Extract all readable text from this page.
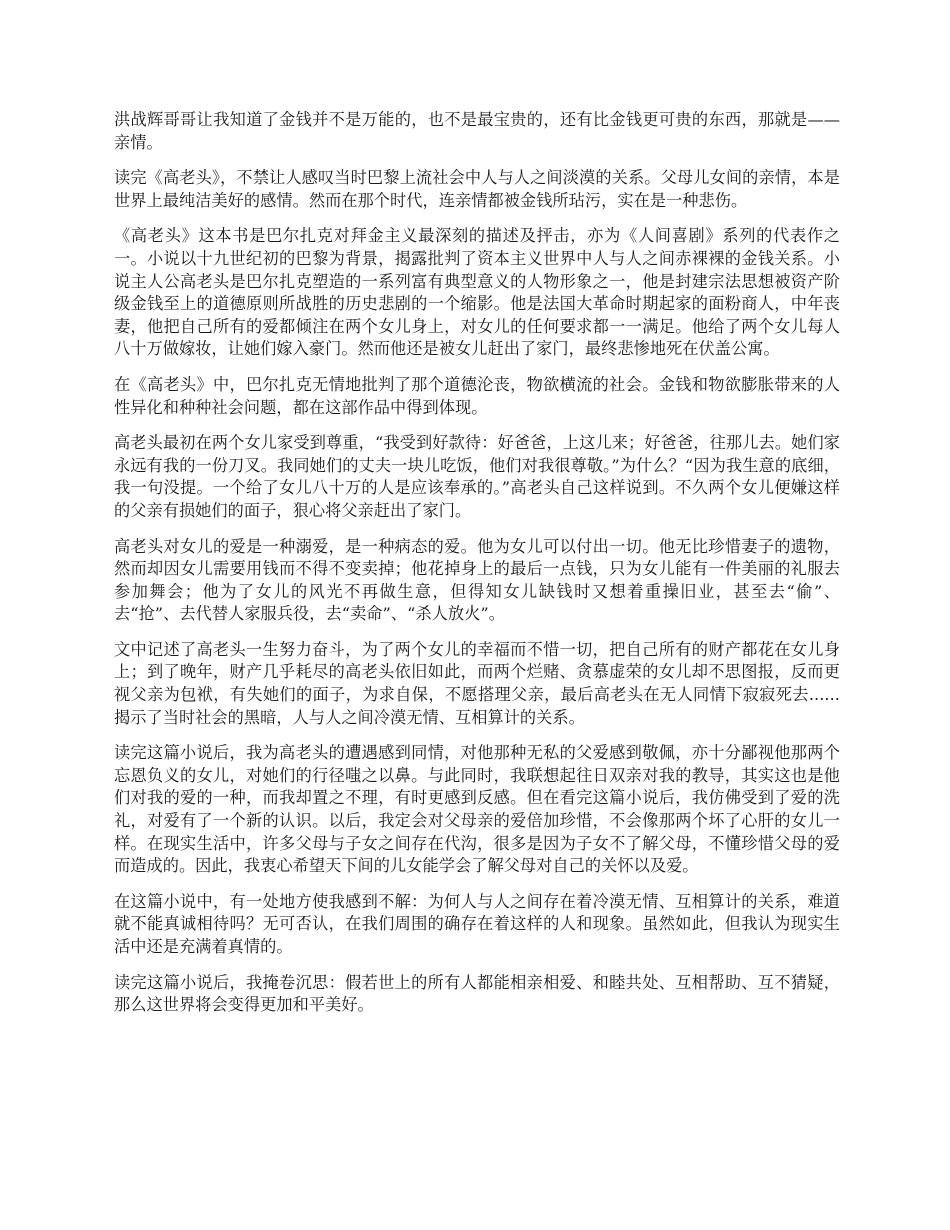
洪战辉哥哥让我知道了金钱并不是万能的，也不是最宝贵的，还有比金钱更可贵的东西，那就是——亲情。

读完《高老头》，不禁让人感叹当时巴黎上流社会中人与人之间淡漠的关系。父母儿女间的亲情，本是世界上最纯洁美好的感情。然而在那个时代，连亲情都被金钱所玷污，实在是一种悲伤。

《高老头》这本书是巴尔扎克对拜金主义最深刻的描述及抨击，亦为《人间喜剧》系列的代表作之一。小说以十九世纪初的巴黎为背景，揭露批判了资本主义世界中人与人之间赤裸裸的金钱关系。小说主人公高老头是巴尔扎克塑造的一系列富有典型意义的人物形象之一，他是封建宗法思想被资产阶级金钱至上的道德原则所战胜的历史悲剧的一个缩影。他是法国大革命时期起家的面粉商人，中年丧妻，他把自己所有的爱都倾注在两个女儿身上，对女儿的任何要求都一一满足。他给了两个女儿每人八十万做嫁妆，让她们嫁入豪门。然而他还是被女儿赶出了家门，最终悲惨地死在伏盖公寓。

在《高老头》中，巴尔扎克无情地批判了那个道德沦丧，物欲横流的社会。金钱和物欲膨胀带来的人性异化和种种社会问题，都在这部作品中得到体现。

高老头最初在两个女儿家受到尊重，“我受到好款待：好爸爸，上这儿来；好爸爸，往那儿去。她们家永远有我的一份刀叉。我同她们的丈夫一块儿吃饭，他们对我很尊敬。”为什么？“因为我生意的底细，我一句没提。一个给了女儿八十万的人是应该奉承的。”高老头自己这样说到。不久两个女儿便嫌这样的父亲有损她们的面子，狠心将父亲赶出了家门。

高老头对女儿的爱是一种溺爱，是一种病态的爱。他为女儿可以付出一切。他无比珍惜妻子的遗物，然而却因女儿需要用钱而不得不变卖掉；他花掉身上的最后一点钱，只为女儿能有一件美丽的礼服去参加舞会；他为了女儿的风光不再做生意，但得知女儿缺钱时又想着重操旧业，甚至去“偷”、去“抢”、去代替人家服兵役，去“卖命”、“杀人放火”。

文中记述了高老头一生努力奋斗，为了两个女儿的幸福而不惜一切，把自己所有的财产都花在女儿身上；到了晚年，财产几乎耗尽的高老头依旧如此，而两个烂赌、贪慕虚荣的女儿却不思图报，反而更视父亲为包袱，有失她们的面子，为求自保，不愿搭理父亲，最后高老头在无人同情下寂寂死去......揭示了当时社会的黑暗，人与人之间冷漠无情、互相算计的关系。

读完这篇小说后，我为高老头的遭遇感到同情，对他那种无私的父爱感到敬佩，亦十分鄙视他那两个忘恩负义的女儿，对她们的行径嗤之以鼻。与此同时，我联想起往日双亲对我的教导，其实这也是他们对我的爱的一种，而我却置之不理，有时更感到反感。但在看完这篇小说后，我仿佛受到了爱的洗礼，对爱有了一个新的认识。以后，我定会对父母亲的爱倍加珍惜，不会像那两个坏了心肝的女儿一样。在现实生活中，许多父母与子女之间存在代沟，很多是因为子女不了解父母，不懂珍惜父母的爱而造成的。因此，我衷心希望天下间的儿女能学会了解父母对自己的关怀以及爱。

在这篇小说中，有一处地方使我感到不解：为何人与人之间存在着冷漠无情、互相算计的关系，难道就不能真诚相待吗？无可否认，在我们周围的确存在着这样的人和现象。虽然如此，但我认为现实生活中还是充满着真情的。

读完这篇小说后，我掩卷沉思：假若世上的所有人都能相亲相爱、和睦共处、互相帮助、互不猜疑，那么这世界将会变得更加和平美好。
